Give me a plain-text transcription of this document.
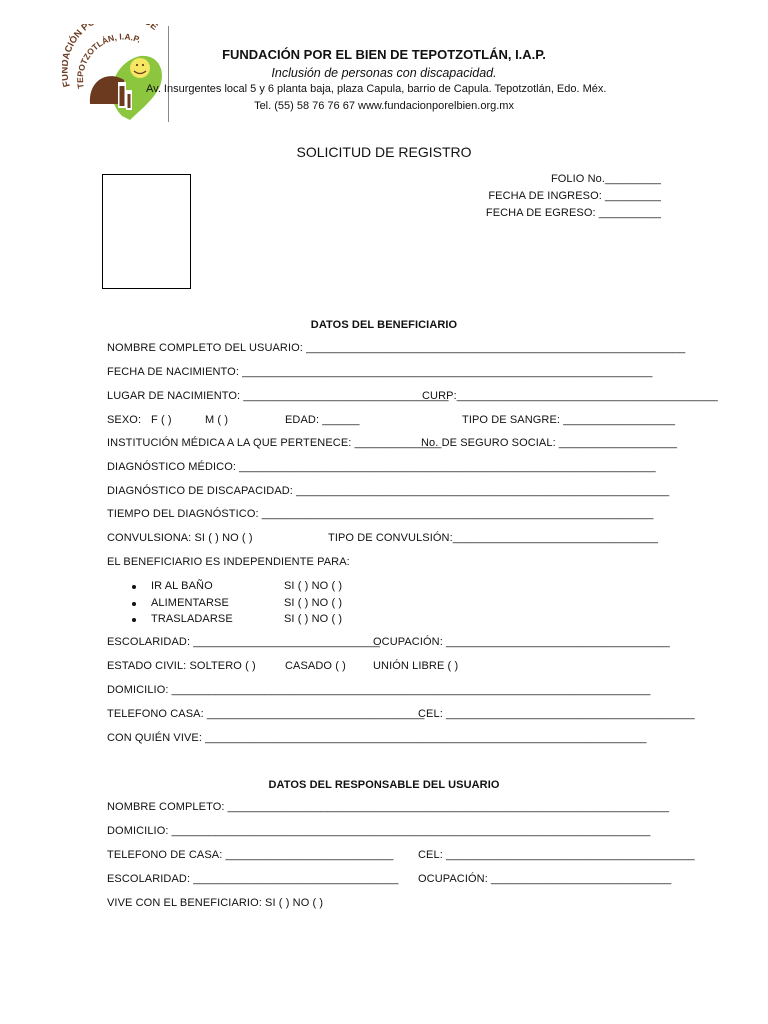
CIÓN P E
TEPOTZOTLÁN, I.A.P.
FUNDACIÓN POR EL BIEN DE TEPOTZOTLÁN, I.A.P.
Inclusión de personas con discapacidad.
Av. Insurgentes local 5 y 6 planta baja, plaza Capula, barrio de Capula. Tepotzotlán, Edo. Méx.
Tel. (55) 58 76 76 67 www.fundacionporelbien.org.mx
SOLICITUD DE REGISTRO
FOLIO No._________
FECHA DE INGRESO: _________
FECHA DE EGRESO: __________
DATOS DEL BENEFICIARIO
NOMBRE COMPLETO DEL USUARIO: _____________________________________________________________
FECHA DE NACIMIENTO: __________________________________________________________________
LUGAR DE NACIMIENTO: _________________________________
CURP:__________________________________________
SEXO: F ( )	M ( )	EDAD: ______	TIPO DE SANGRE: __________________
INSTITUCIÓN MÉDICA A LA QUE PERTENECE: ______________
No. DE SEGURO SOCIAL: ___________________
DIAGNÓSTICO MÉDICO: ___________________________________________________________________
DIAGNÓSTICO DE DISCAPACIDAD: ____________________________________________________________
TIEMPO DEL DIAGNÓSTICO: _______________________________________________________________
CONVULSIONA: SI ( ) NO ( )	TIPO DE CONVULSIÓN:_________________________________
EL BENEFICIARIO ES INDEPENDIENTE PARA:
IR AL BAÑO	SI ( ) NO ( )
ALIMENTARSE	SI ( ) NO ( )
TRASLADARSE	SI ( ) NO ( )
ESCOLARIDAD: ______________________________
OCUPACIÓN: ____________________________________
ESTADO CIVIL: SOLTERO ( )	CASADO ( ) UNIÓN LIBRE ( )
DOMICILIO: _____________________________________________________________________________
TELEFONO CASA: ___________________________________
CEL: ________________________________________
CON QUIÉN VIVE: _______________________________________________________________________
DATOS DEL RESPONSABLE DEL USUARIO
NOMBRE COMPLETO: _______________________________________________________________________
DOMICILIO: _____________________________________________________________________________
TELEFONO DE CASA: ___________________________ CEL: ________________________________________
ESCOLARIDAD: _________________________________ OCUPACIÓN: _____________________________
VIVE CON EL BENEFICIARIO: SI ( ) NO ( )
